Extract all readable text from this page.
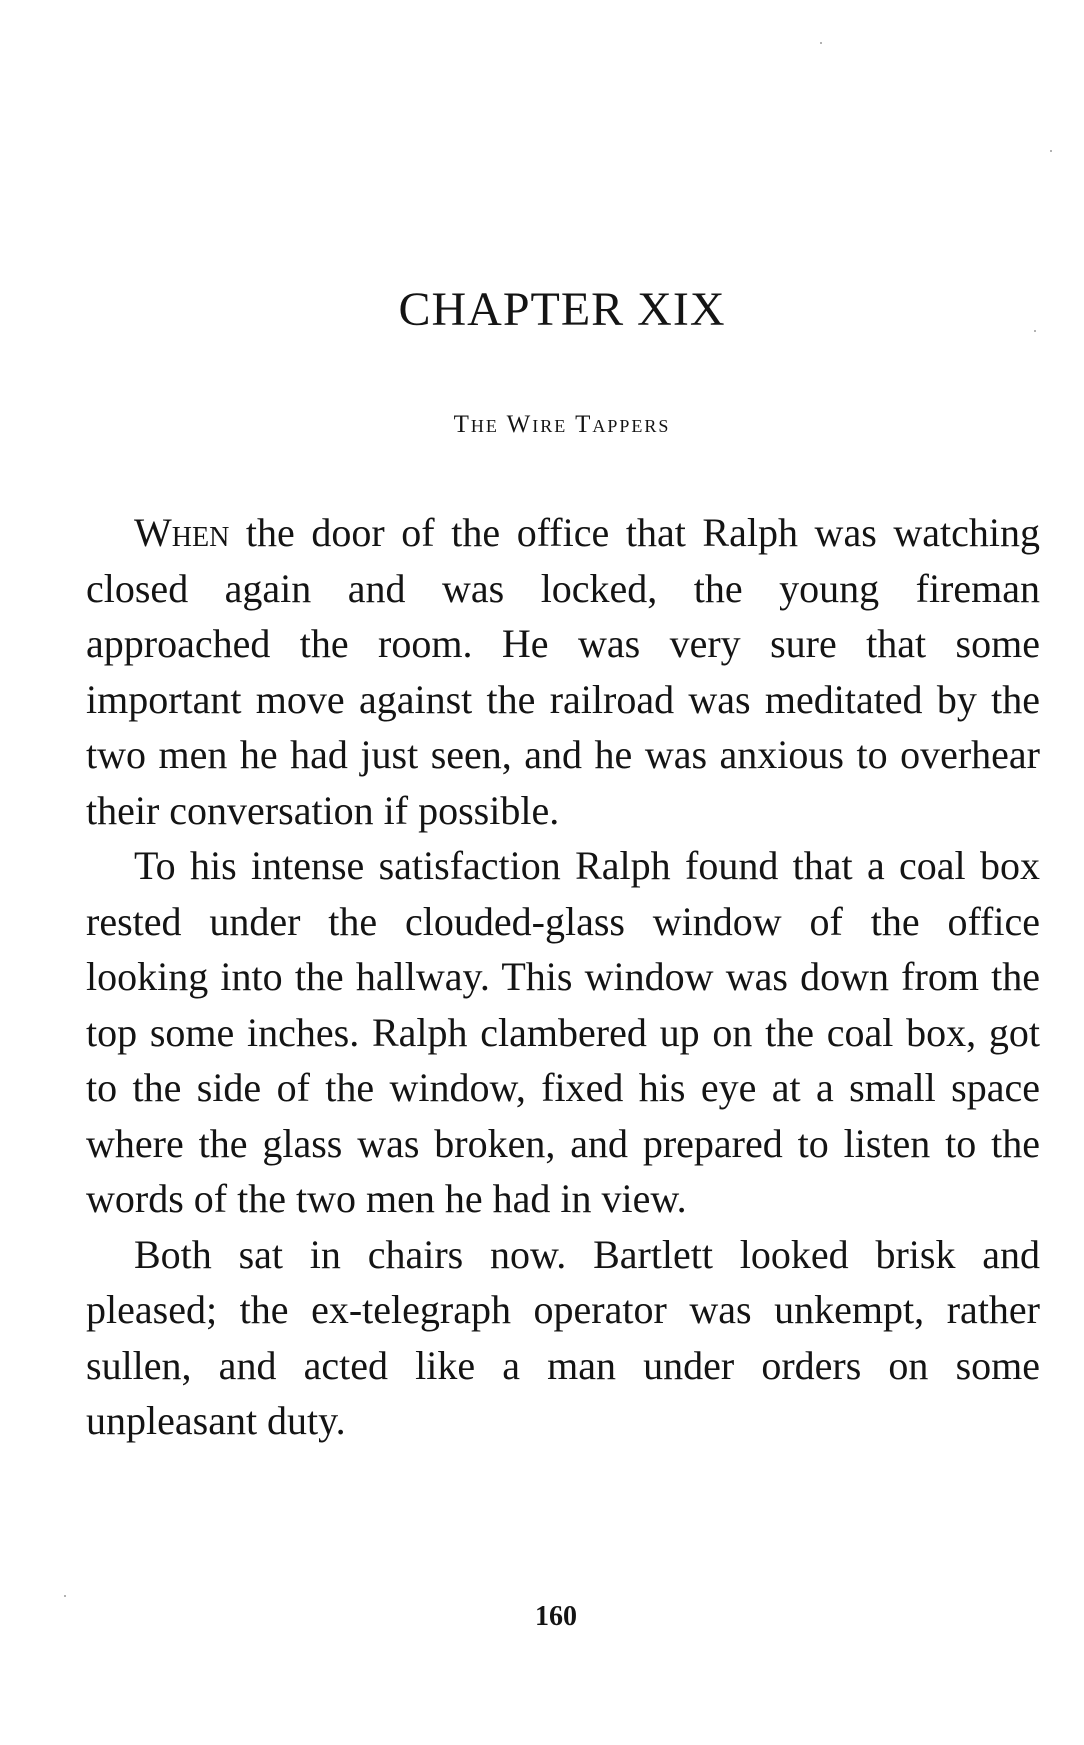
CHAPTER XIX
The Wire Tappers

When the door of the office that Ralph was watching closed again and was locked, the young fireman approached the room. He was very sure that some important move against the railroad was meditated by the two men he had just seen, and he was anxious to overhear their conversation if possible.

To his intense satisfaction Ralph found that a coal box rested under the clouded-glass window of the office looking into the hallway. This window was down from the top some inches. Ralph clambered up on the coal box, got to the side of the window, fixed his eye at a small space where the glass was broken, and prepared to listen to the words of the two men he had in view.

Both sat in chairs now. Bartlett looked brisk and pleased; the ex-telegraph operator was unkempt, rather sullen, and acted like a man under orders on some unpleasant duty.

160
